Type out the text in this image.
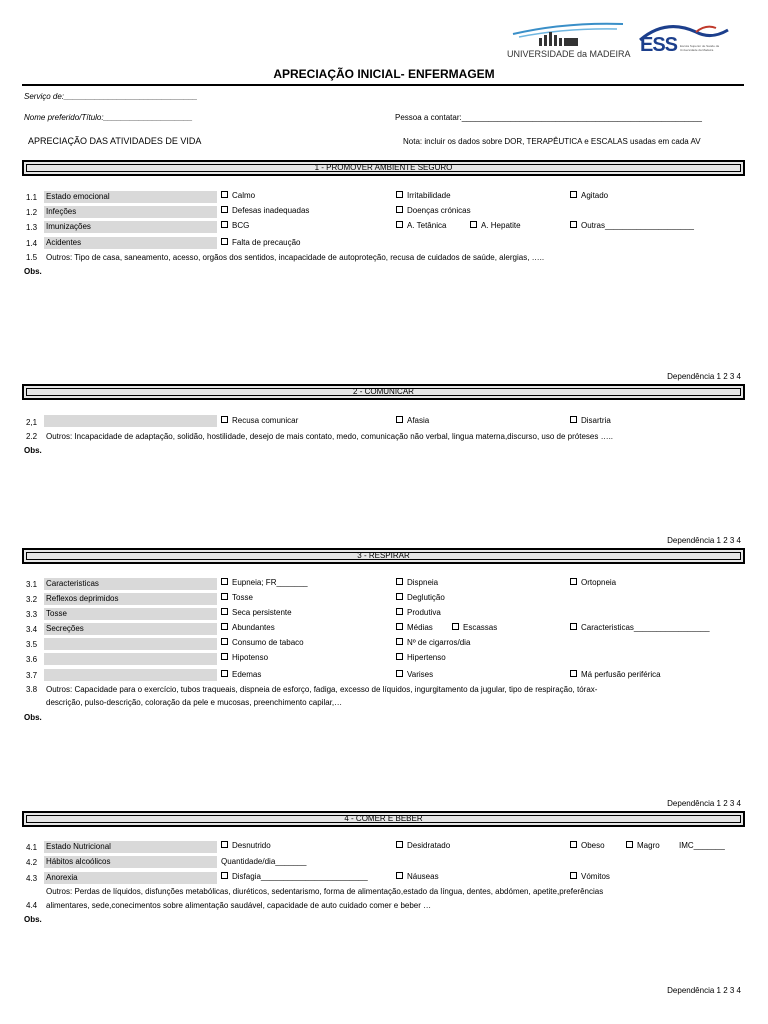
UNIVERSIDADE da MADEIRA ESS Escola Superior de Saúde da Universidade da Madeira
APRECIAÇÃO INICIAL- ENFERMAGEM
Serviço de:______________________________
Nome preferido/Título:____________________	Pessoa a contatar:______________________________________________________
APRECIAÇÃO DAS ATIVIDADES DE VIDA	Nota: incluir os dados sobre DOR, TERAPÊUTICA e ESCALAS usadas em cada AV
1 - PROMOVER AMBIENTE SEGURO
1.1 Estado emocional	Calmo	Irritabilidade	Agitado
1.2 Infeções	Defesas inadequadas	Doenças crónicas
1.3 Imunizações	BCG	A. Tetânica	A. Hepatite	Outras____________________
1.4 Acidentes	Falta de precaução
1.5 Outros: Tipo de casa, saneamento, acesso, orgãos dos sentidos, incapacidade de autoproteção, recusa de cuidados de saúde, alergias, …..
Obs.
Dependência 1 2 3 4
2 - COMUNICAR
2,1	Recusa comunicar	Afasia	Disartria
2.2 Outros: Incapacidade de adaptação, solidão, hostilidade, desejo de mais contato, medo, comunicação não verbal, lingua materna,discurso, uso de próteses …..
Obs.
Dependência 1 2 3 4
3 - RESPIRAR
3.1 Caracteristicas	Eupneia; FR_______	Dispneia	Ortopneia
3.2 Reflexos deprimidos	Tosse	Deglutição
3.3 Tosse	Seca persistente	Produtiva
3.4 Secreções	Abundantes	Médias	Escassas	Caracteristicas_________________
3.5	Consumo de tabaco	Nº de cigarros/dia
3.6	Hipotenso	Hipertenso
3.7	Edemas	Varises	Má perfusão periférica
3.8 Outros: Capacidade para o exercício, tubos traqueais, dispneia de esforço, fadiga, excesso de líquidos, ingurgitamento da jugular, tipo de respiração, tórax-
descrição, pulso-descrição, coloração da pele e mucosas, preenchimento capilar,…
Obs.
Dependência 1 2 3 4
4 - COMER E BEBER
4.1 Estado Nutricional	Desnutrido	Desidratado	Obeso	Magro IMC_______
4.2 Hábitos alcoólicos	Quantidade/dia_______
4.3 Anorexia	Disfagia________________________	Náuseas	Vómitos
Outros: Perdas de líquidos, disfunções metabólicas, diuréticos, sedentarismo, forma de alimentação,estado da língua, dentes, abdómen, apetite,preferências
4.4 alimentares, sede,conecimentos sobre alimentação saudável, capacidade de auto cuidado comer e beber …
Obs.
Dependência 1 2 3 4
